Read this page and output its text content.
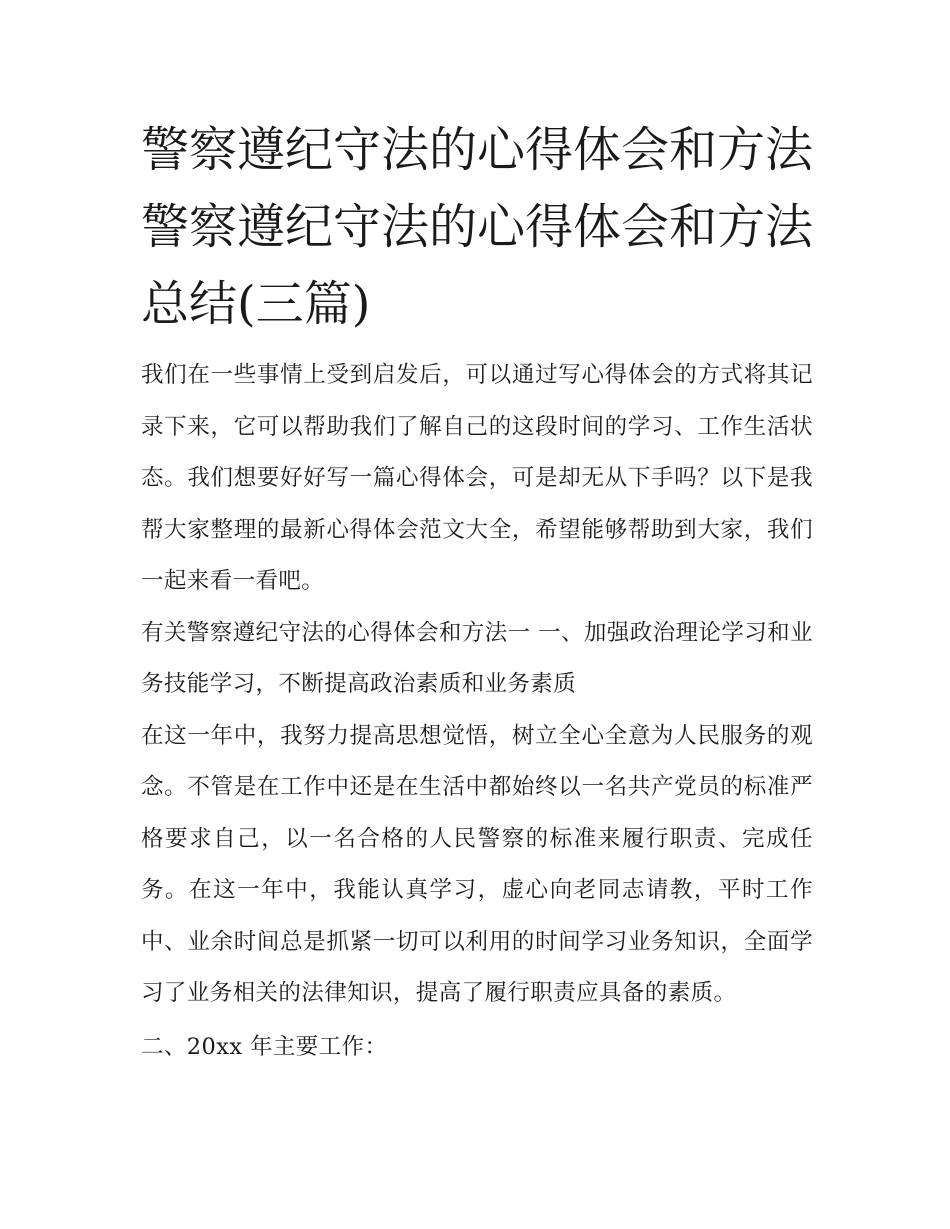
警察遵纪守法的心得体会和方法 警察遵纪守法的心得体会和方法总结(三篇)

我们在一些事情上受到启发后，可以通过写心得体会的方式将其记录下来，它可以帮助我们了解自己的这段时间的学习、工作生活状态。我们想要好好写一篇心得体会，可是却无从下手吗？以下是我帮大家整理的最新心得体会范文大全，希望能够帮助到大家，我们一起来看一看吧。

有关警察遵纪守法的心得体会和方法一 一、加强政治理论学习和业务技能学习，不断提高政治素质和业务素质

在这一年中，我努力提高思想觉悟，树立全心全意为人民服务的观念。不管是在工作中还是在生活中都始终以一名共产党员的标准严格要求自己，以一名合格的人民警察的标准来履行职责、完成任务。在这一年中，我能认真学习，虚心向老同志请教，平时工作中、业余时间总是抓紧一切可以利用的时间学习业务知识，全面学习了业务相关的法律知识，提高了履行职责应具备的素质。

二、20xx 年主要工作：
